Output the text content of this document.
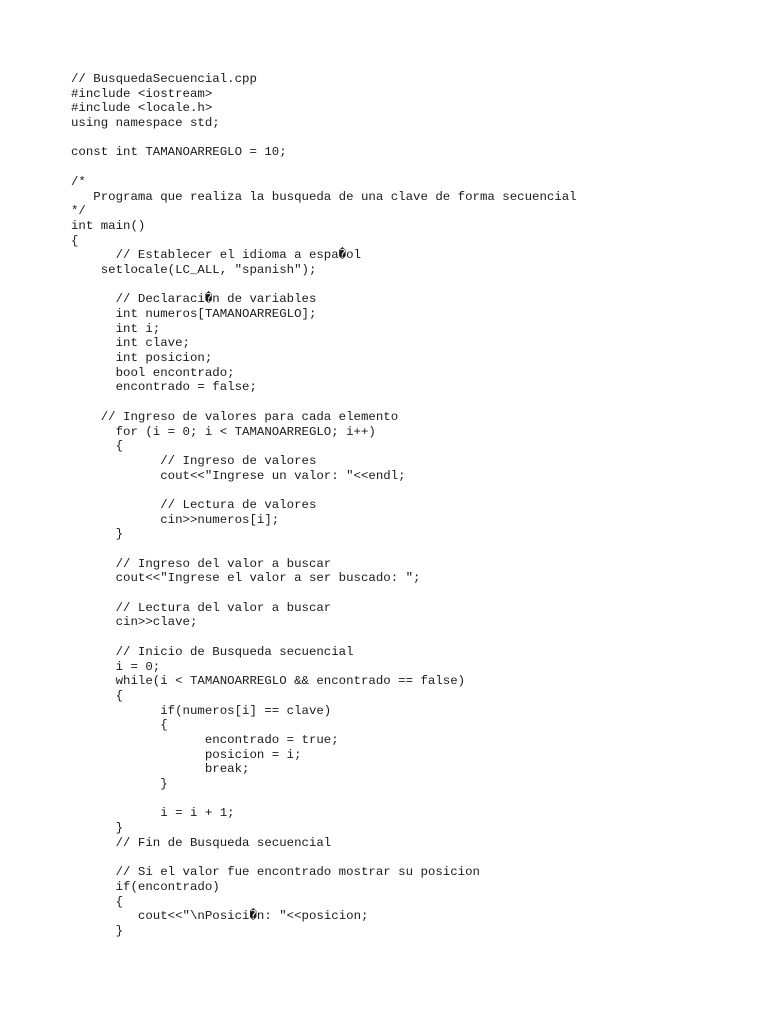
// BusquedaSecuencial.cpp
#include <iostream>
#include <locale.h>
using namespace std;
const int TAMANOARREGLO = 10;
/*
Programa que realiza la busqueda de una clave de forma secuencial
*/
int main()
{
// Establecer el idioma a espa�ol
setlocale(LC_ALL, "spanish");
// Declaraci�n de variables
int numeros[TAMANOARREGLO];
int i;
int clave;
int posicion;
bool encontrado;
encontrado = false;
// Ingreso de valores para cada elemento
for (i = 0; i < TAMANOARREGLO; i++)
{
// Ingreso de valores
cout<<"Ingrese un valor: "<<endl;
// Lectura de valores
cin>>numeros[i];
}
// Ingreso del valor a buscar
cout<<"Ingrese el valor a ser buscado: ";
// Lectura del valor a buscar
cin>>clave;
// Inicio de Busqueda secuencial
i = 0;
while(i < TAMANOARREGLO && encontrado == false)
{
if(numeros[i] == clave)
{
encontrado = true;
posicion = i;
break;
}
i = i + 1;
}
// Fin de Busqueda secuencial
// Si el valor fue encontrado mostrar su posicion
if(encontrado)
{
cout<<"\nPosici�n: "<<posicion;
}
